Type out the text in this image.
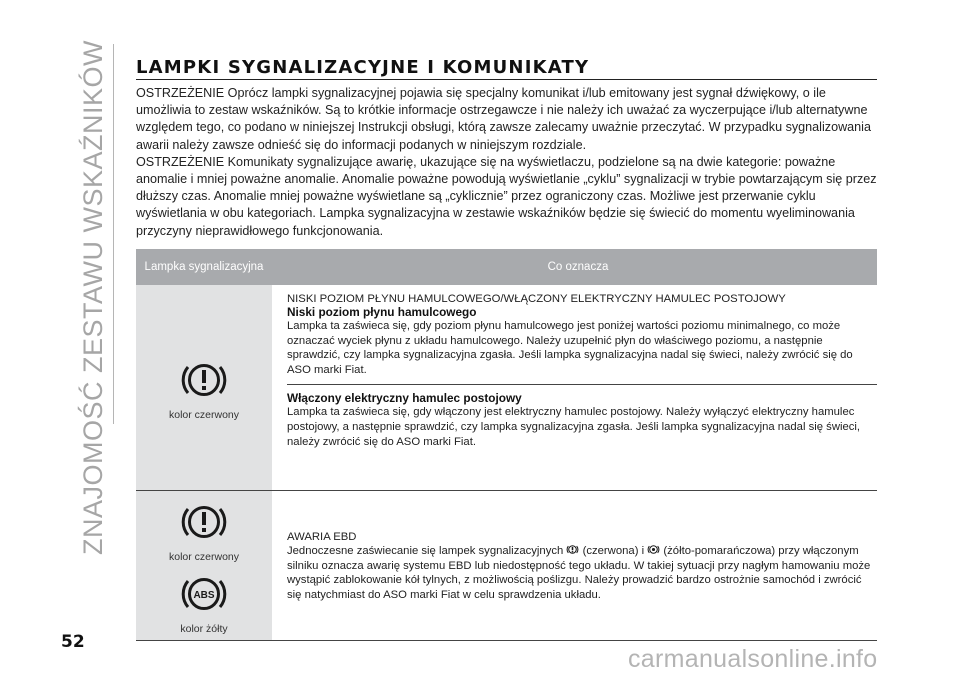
ZNAJOMOŚĆ ZESTAWU WSKAŹNIKÓW LAMPKI SYGNALIZACYJNE I KOMUNIKATY

OSTRZEŻENIE Oprócz lampki sygnalizacyjnej pojawia się specjalny komunikat i/lub emitowany jest sygnał dźwiękowy, o ile umożliwia to zestaw wskaźników. Są to krótkie informacje ostrzegawcze i nie należy ich uważać za wyczerpujące i/lub alternatywne względem tego, co podano w niniejszej Instrukcji obsługi, którą zawsze zalecamy uważnie przeczytać. W przypadku sygnalizowania awarii należy zawsze odnieść się do informacji podanych w niniejszym rozdziale.

OSTRZEŻENIE Komunikaty sygnalizujące awarię, ukazujące się na wyświetlaczu, podzielone są na dwie kategorie: poważne anomalie i mniej poważne anomalie. Anomalie poważne powodują wyświetlanie „cyklu” sygnalizacji w trybie powtarzającym się przez dłuższy czas. Anomalie mniej poważne wyświetlane są „cyklicznie” przez ograniczony czas. Możliwe jest przerwanie cyklu wyświetlania w obu kategoriach. Lampka sygnalizacyjna w zestawie wskaźników będzie się świecić do momentu wyeliminowania przyczyny nieprawidłowego funkcjonowania.

Lampka sygnalizacyjna	Co oznacza
kolor czerwony
NISKI POZIOM PŁYNU HAMULCOWEGO/WŁĄCZONY ELEKTRYCZNY HAMULEC POSTOJOWY
Niski poziom płynu hamulcowego
Lampka ta zaświeca się, gdy poziom płynu hamulcowego jest poniżej wartości poziomu minimalnego, co może oznaczać wyciek płynu z układu hamulcowego. Należy uzupełnić płyn do właściwego poziomu, a następnie sprawdzić, czy lampka sygnalizacyjna zgasła. Jeśli lampka sygnalizacyjna nadal się świeci, należy zwrócić się do ASO marki Fiat.
Włączony elektryczny hamulec postojowy
Lampka ta zaświeca się, gdy włączony jest elektryczny hamulec postojowy. Należy wyłączyć elektryczny hamulec postojowy, a następnie sprawdzić, czy lampka sygnalizacyjna zgasła. Jeśli lampka sygnalizacyjna nadal się świeci, należy zwrócić się do ASO marki Fiat.
kolor czerwony
ABS
kolor żółty
AWARIA EBD
Jednoczesne zaświecanie się lampek sygnalizacyjnych (czerwona) i (żółto-pomarańczowa) przy włączonym silniku oznacza awarię systemu EBD lub niedostępność tego układu. W takiej sytuacji przy nagłym hamowaniu może wystąpić zablokowanie kół tylnych, z możliwością poślizgu. Należy prowadzić bardzo ostrożnie samochód i zwrócić się natychmiast do ASO marki Fiat w celu sprawdzenia układu.
52
carmanualsonline.info
